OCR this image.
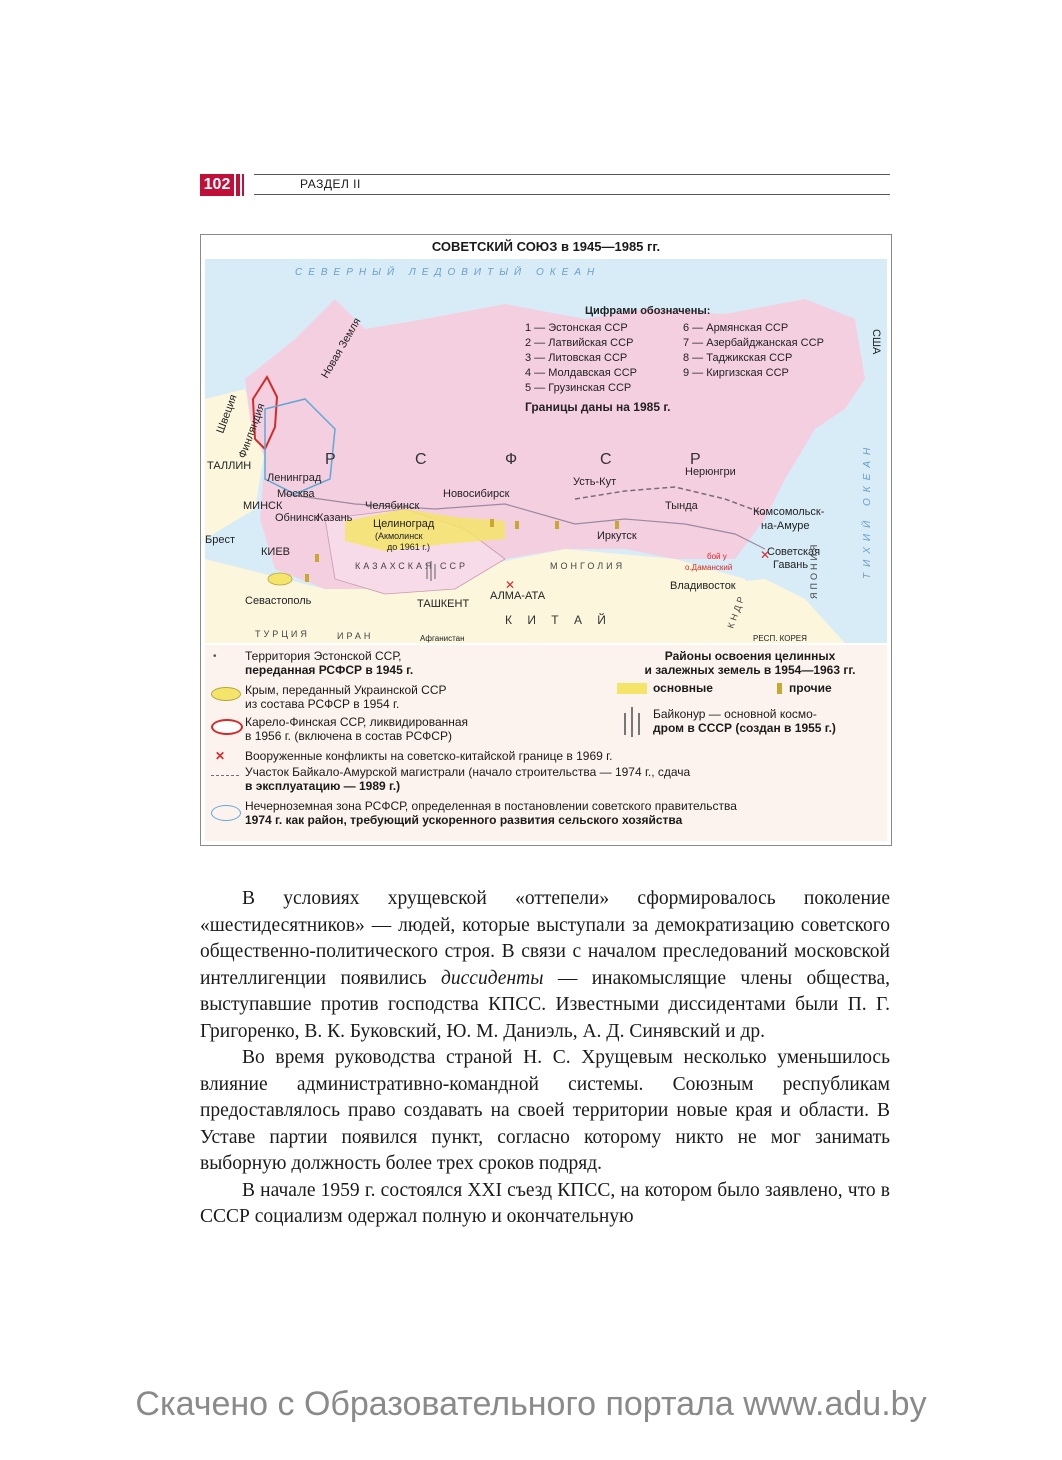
102	РАЗДЕЛ II
СОВЕТСКИЙ СОЮЗ в 1945—1985 гг.
СЕВЕРНЫЙ ЛЕДОВИТЫЙ ОКЕАН
ТИХИЙ ОКЕАН
США
Цифрами обозначены:
1 — Эстонская ССР
2 — Латвийская ССР
3 — Литовская ССР
4 — Молдавская ССР
5 — Грузинская ССР
6 — Армянская ССР
7 — Азербайджанская ССР
8 — Таджикская ССР
9 — Киргизская ССР
Границы даны на 1985 г.
Р	С	Ф	С	Р
Новая Земля
Финляндия
Швеция
ТАЛЛИН
Ленинград
Москва
МИНСК
Обнинск
Казань
Брест
КИЕВ
Севастополь
Челябинск
Новосибирск
Целиноград
(Акмолинск
до 1961 г.)
Усть-Кут
Нерюнгри
Тында
Иркутск
Комсомольск-
на-Амуре
Советская
Гавань
Владивосток
ТАШКЕНТ
АЛМА-АТА
бой у
о.Даманский	ЯПОНИЯ
РЕСП. КОРЕЯ
КНДР
КАЗАХСКАЯ ССР	МОНГОЛИЯ
К И Т А Й
ТУРЦИЯ	ИРАН	Афганистан
✕
✕
•	Территория Эстонской ССР,
переданная РСФСР в 1945 г.
Крым, переданный Украинской ССР
из состава РСФСР в 1954 г.
Карело-Финская ССР, ликвидированная
в 1956 г. (включена в состав РСФСР)
Районы освоения целинных
и залежных земель в 1954—1963 гг.
основные	прочие
Байконур — основной космо-
дром в СССР (создан в 1955 г.)
✕ Вооруженные конфликты на советско-китайской границе в 1969 г.
Участок Байкало-Амурской магистрали (начало строительства — 1974 г., сдача
в эксплуатацию — 1989 г.)
Нечерноземная зона РСФСР, определенная в постановлении советского правительства
1974 г. как район, требующий ускоренного развития сельского хозяйства

В условиях хрущевской «оттепели» сформировалось поколение «шестидесятников» — людей, которые выступали за демократизацию советского общественно-политического строя. В связи с началом преследований московской интеллигенции появились диссиденты — инакомыслящие члены общества, выступавшие против господства КПСС. Известными диссидентами были П. Г. Григоренко, В. К. Буковский, Ю. М. Даниэль, А. Д. Синявский и др.

Во время руководства страной Н. С. Хрущевым несколько уменьшилось влияние административно-командной системы. Союзным республикам предоставлялось право создавать на своей территории новые края и области. В Уставе партии появился пункт, согласно которому никто не мог занимать выборную должность более трех сроков подряд.

В начале 1959 г. состоялся XXI съезд КПСС, на котором было заявлено, что в СССР социализм одержал полную и окончательную

Скачено с Образовательного портала www.adu.by
